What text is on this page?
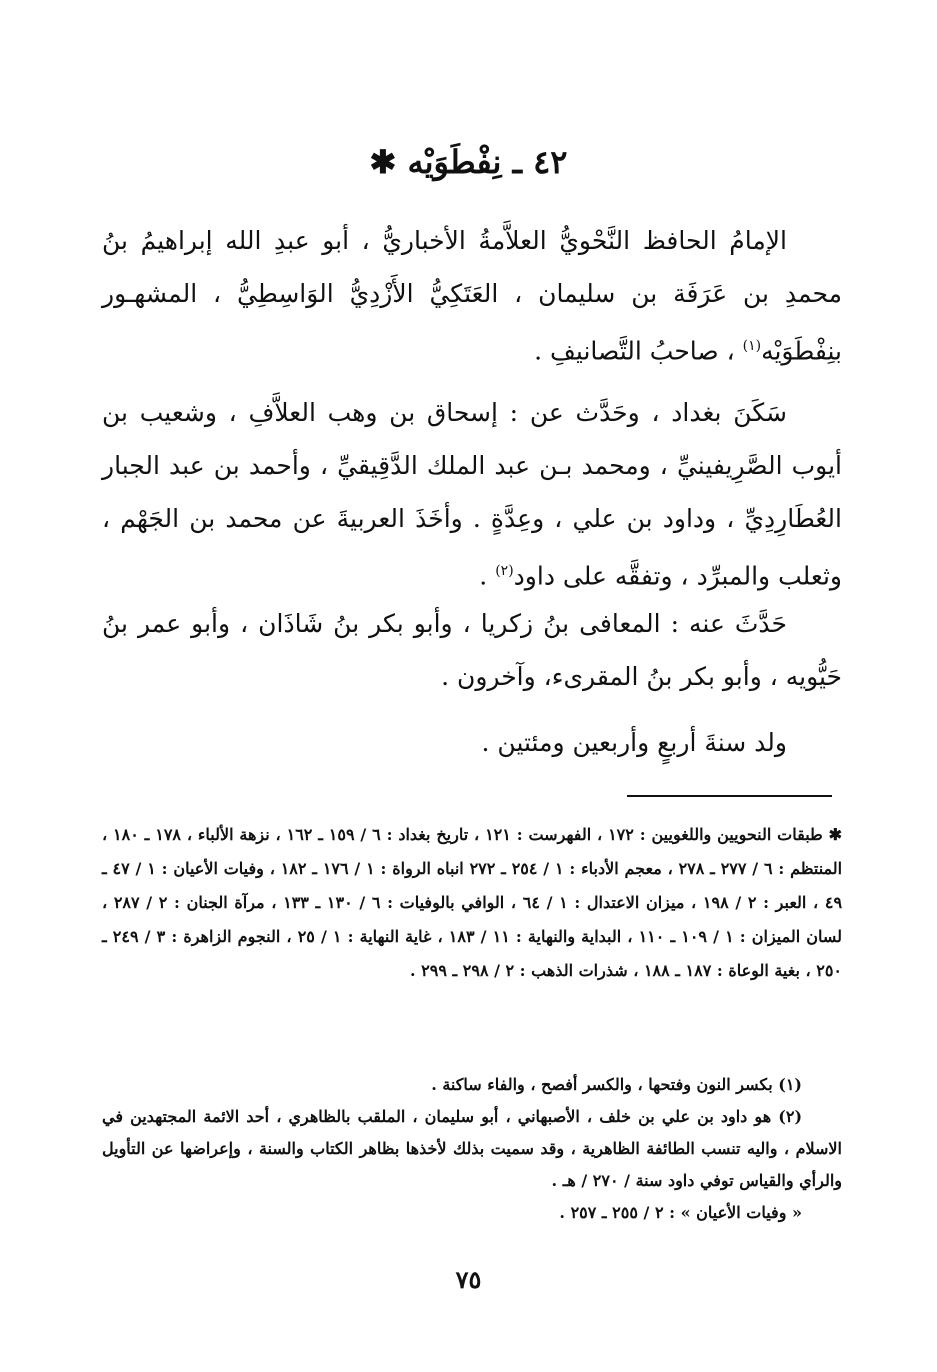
٤٢ ـ نِفْطَوَيْه ✱

الإمامُ الحافظ النَّحْويُّ العلاَّمةُ الأخباريُّ ، أبو عبدِ الله إبراهيمُ بنُ محمدِ بن عَرَفَة بن سليمان ، العَتَكِيُّ الأَزْدِيُّ الوَاسِطِيُّ ، المشهـور بنِفْطَوَيْه$^{(١)}$ ، صاحبُ التَّصانيفِ .

سَكَنَ بغداد ، وحَدَّث عن : إسحاق بن وهب العلاَّفِ ، وشعيب بن أيوب الصَّرِيفينيِّ ، ومحمد بـن عبد الملك الدَّقِيقيِّ ، وأحمد بن عبد الجبار العُطَارِدِيِّ ، وداود بن علي ، وعِدَّةٍ . وأخَذَ العربيةَ عن محمد بن الجَهْم ، وثعلب والمبرِّد ، وتفقَّه على داود$^{(٢)}$ .

حَدَّثَ عنه : المعافى بنُ زكريا ، وأبو بكر بنُ شَاذَان ، وأبو عمر بنُ حَيُّويه ، وأبو بكر بنُ المقرىء، وآخرون .

ولد سنةَ أربعٍ وأربعين ومئتين .

✱ طبقات النحويين واللغويين : ١٧٢ ، الفهرست : ١٢١ ، تاريخ بغداد : ٦ / ١٥٩ ـ ١٦٢ ، نزهة الألباء ، ١٧٨ ـ ١٨٠ ، المنتظم : ٦ / ٢٧٧ ـ ٢٧٨ ، معجم الأدباء : ١ / ٢٥٤ ـ ٢٧٢ انباه الرواة : ١ / ١٧٦ ـ ١٨٢ ، وفيات الأعيان : ١ / ٤٧ ـ ٤٩ ، العبر : ٢ / ١٩٨ ، ميزان الاعتدال : ١ / ٦٤ ، الوافي بالوفيات : ٦ / ١٣٠ ـ ١٣٣ ، مرآة الجنان : ٢ / ٢٨٧ ، لسان الميزان : ١ / ١٠٩ ـ ١١٠ ، البداية والنهاية : ١١ / ١٨٣ ، غاية النهاية : ١ / ٢٥ ، النجوم الزاهرة : ٣ / ٢٤٩ ـ ٢٥٠ ، بغية الوعاة : ١٨٧ ـ ١٨٨ ، شذرات الذهب : ٢ / ٢٩٨ ـ ٢٩٩ .

(١) بكسر النون وفتحها ، والكسر أفصح ، والفاء ساكنة .

(٢) هو داود بن علي بن خلف ، الأصبهاني ، أبو سليمان ، الملقب بالظاهري ، أحد الائمة المجتهدين في الاسلام ، واليه تنسب الطائفة الظاهرية ، وقد سميت بذلك لأخذها بظاهر الكتاب والسنة ، وإعراضها عن التأويل والرأي والقياس توفي داود سنة / ٢٧٠ / هـ .

« وفيات الأعيان » : ٢ / ٢٥٥ ـ ٢٥٧ .

٧٥
